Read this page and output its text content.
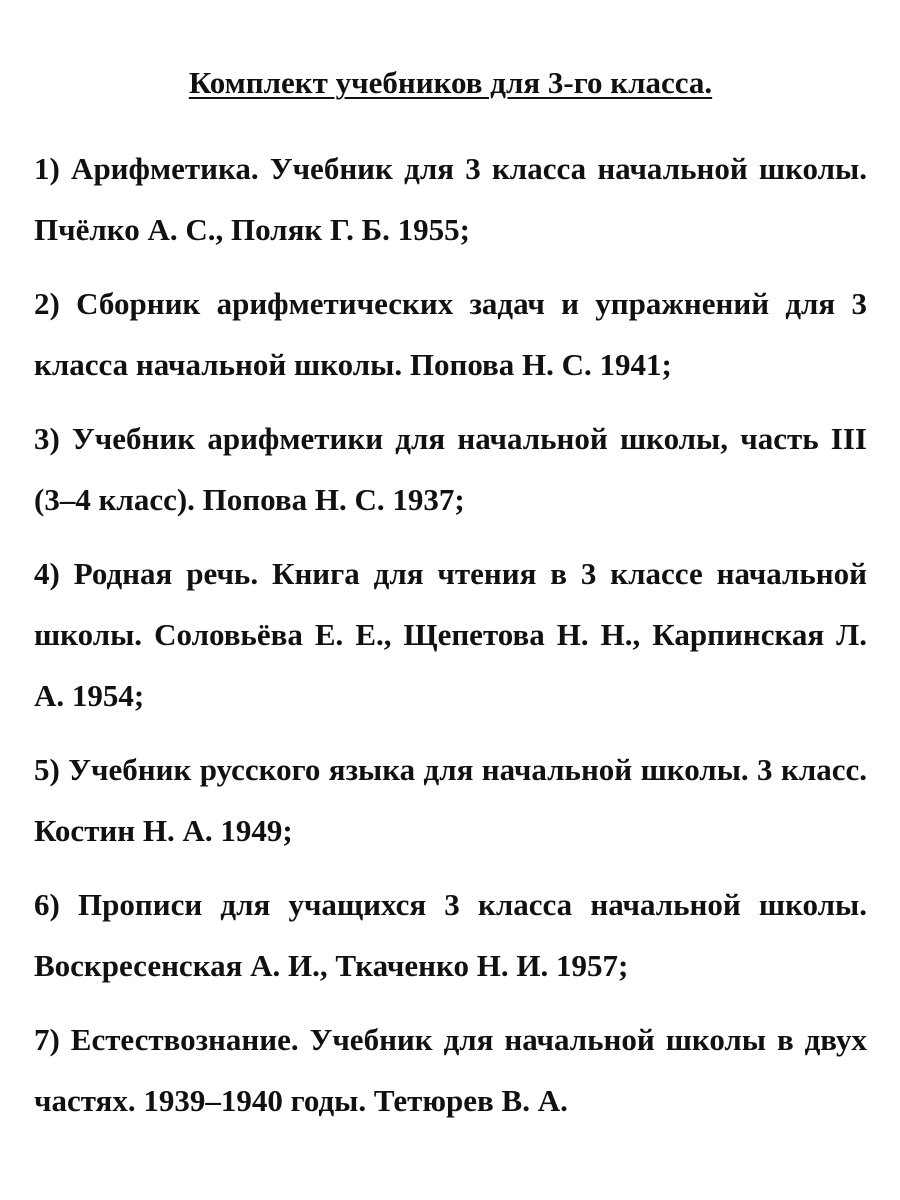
Комплект учебников для 3-го класса.
1) Арифметика. Учебник для 3 класса начальной школы. Пчёлко А. С., Поляк Г. Б. 1955;
2) Сборник арифметических задач и упражнений для 3 класса начальной школы. Попова Н. С. 1941;
3) Учебник арифметики для начальной школы, часть III (3–4 класс). Попова Н. С. 1937;
4) Родная речь. Книга для чтения в 3 классе начальной школы. Соловьёва Е. Е., Щепетова Н. Н., Карпинская Л. А. 1954;
5) Учебник русского языка для начальной школы. 3 класс. Костин Н. А. 1949;
6) Прописи для учащихся 3 класса начальной школы. Воскресенская А. И., Ткаченко Н. И. 1957;
7) Естествознание. Учебник для начальной школы в двух частях. 1939–1940 годы. Тетюрев В. А.
